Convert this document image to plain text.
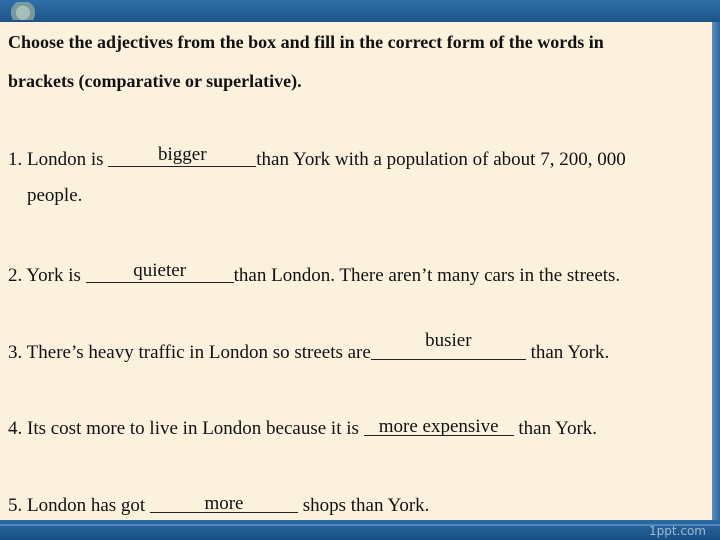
Choose the adjectives from the box and fill in the correct form of the words in

brackets (comparative or superlative).

1. London is	bigger	than York with a population of about 7, 200, 000

people.

2. York is	quieter	than London. There aren’t many cars in the streets.

3. There’s heavy traffic in London so streets are
busier
than York.

4. Its cost more to live in London because it is more expensive than York.

5. London has got	more	shops than York.

1ppt.com
